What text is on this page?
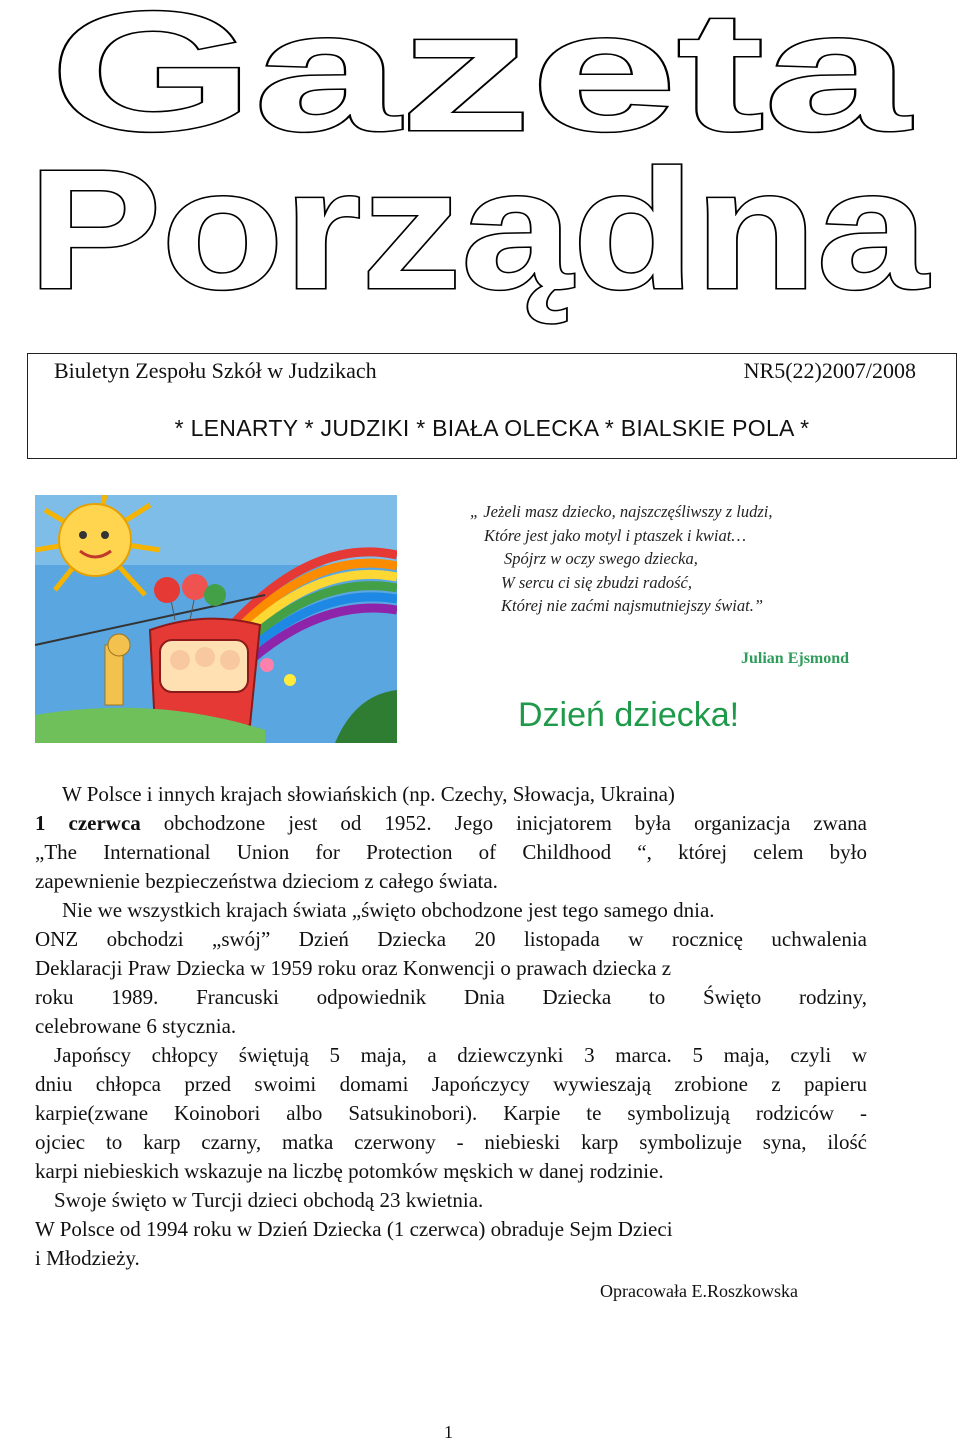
Gazeta
Porządna
Biuletyn Zespołu Szkół w Judzikach	NR5(22)2007/2008
* LENARTY * JUDZIKI * BIAŁA OLECKA * BIALSKIE POLA *
„ Jeżeli masz dziecko, najszczęśliwszy z ludzi,
Które jest jako motyl i ptaszek i kwiat…
Spójrz w oczy swego dziecka,
W sercu ci się zbudzi radość,
Której nie zaćmi najsmutniejszy świat.”
Julian Ejsmond
Dzień dziecka!

W Polsce i innych krajach słowiańskich (np. Czechy, Słowacja, Ukraina)

1 czerwca obchodzone jest od 1952. Jego inicjatorem była organizacja zwana

„The International Union for Protection of Childhood “, której celem było

zapewnienie bezpieczeństwa dzieciom z całego świata.

Nie we wszystkich krajach świata „święto obchodzone jest tego samego dnia.

ONZ obchodzi „swój” Dzień Dziecka 20 listopada w rocznicę uchwalenia

Deklaracji Praw Dziecka w 1959 roku oraz Konwencji o prawach dziecka z

roku 1989. Francuski odpowiednik Dnia Dziecka to Święto rodziny,

celebrowane 6 stycznia.

Japońscy chłopcy świętują 5 maja, a dziewczynki 3 marca. 5 maja, czyli w

dniu chłopca przed swoimi domami Japończycy wywieszają zrobione z papieru

karpie(zwane Koinobori albo Satsukinobori). Karpie te symbolizują rodziców -

ojciec to karp czarny, matka czerwony - niebieski karp symbolizuje syna, ilość

karpi niebieskich wskazuje na liczbę potomków męskich w danej rodzinie.

Swoje święto w Turcji dzieci obchodą 23 kwietnia.

W Polsce od 1994 roku w Dzień Dziecka (1 czerwca) obraduje Sejm Dzieci

i Młodzieży.

Opracowała E.Roszkowska
1
